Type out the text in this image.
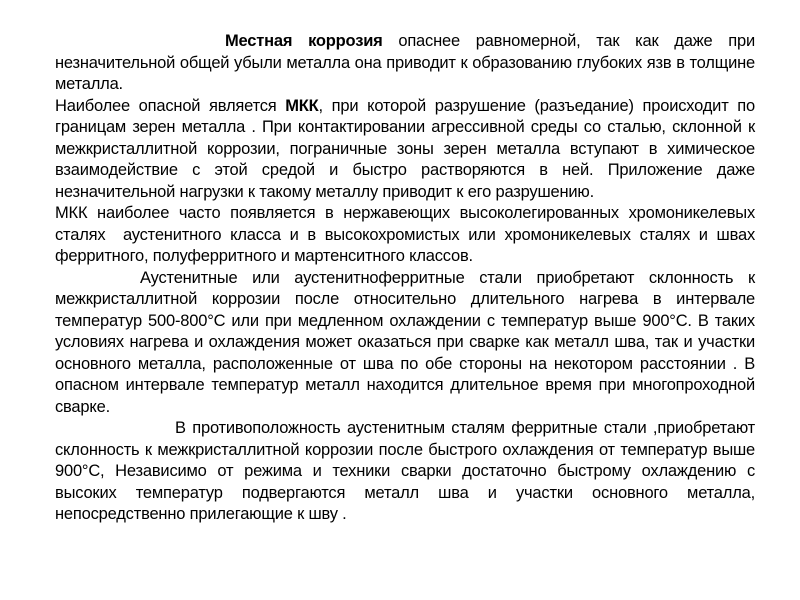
Местная коррозия опаснее равномерной, так как даже при незначительной общей убыли металла она приводит к образованию глубоких язв в толщине металла.

Наиболее опасной является МКК, при которой разрушение (разъедание) происходит по границам зерен металла . При контактировании агрессивной среды со сталью, склонной к межкристаллитной коррозии, пограничные зоны зерен металла вступают в химическое взаимодействие с этой средой и быстро растворяются в ней. Приложение даже незначительной нагрузки к такому металлу приводит к его разрушению.

МКК наиболее часто появляется в нержавеющих высоколегированных хромоникелевых сталях  аустенитного класса и в высокохромистых или хромоникелевых сталях и швах ферритного, полуферритного и мартенситного классов.

Аустенитные или аустенитноферритные стали приобретают склонность к межкристаллитной коррозии после относительно длительного нагрева в интервале температур 500-800°С или при медленном охлаждении с температур выше 900°С. В таких условиях нагрева и охлаждения может оказаться при сварке как металл шва, так и участки основного металла, расположенные от шва по обе стороны на некотором расстоянии . В опасном интервале температур металл находится длительное время при многопроходной сварке.

В противоположность аустенитным сталям ферритные стали ,приобретают склонность к межкристаллитной коррозии после быстрого охлаждения от температур выше 900°С, Независимо от режима и техники сварки достаточно быстрому охлаждению с высоких температур подвергаются металл шва и участки основного металла, непосредственно прилегающие к шву .
